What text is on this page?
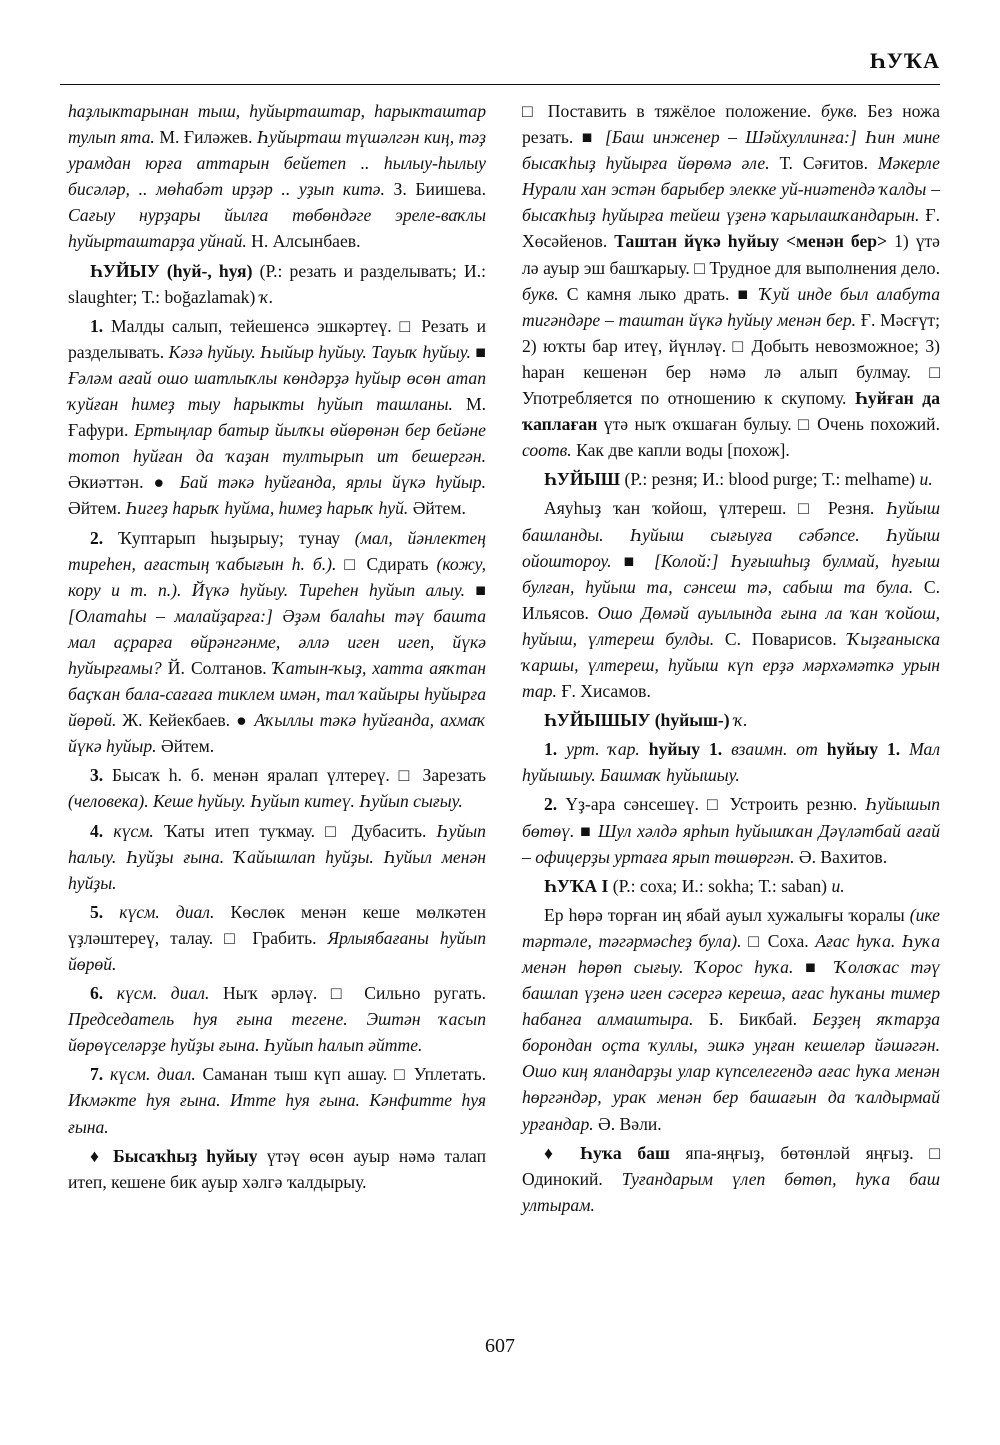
ҺУҠА

һаҙлыктарынан тыш, һуйырташтар, һарыкташтар тулып ята. М. Ғиләжев. Һуйырташ түшәлгән киң, тәҙ урамдан юрға аттарын бейетеп .. һылыу-һылыу бисәләр, .. мөһабәт ирҙәр .. уҙып китә. З. Биишева. Сағыу нурҙары йылға төбөндәге эреле-ваҡлы һуйырташтарҙа уйнай. Н. Алсынбаев.

ҺУЙЫУ (һуй-, һуя) (Р.: резать и разделывать; И.: slaughter; Т.: boğazlamak) ҡ.

1. Малды салып, тейешенсә эшкәртеү. □ Резать и разделывать. Кәзә һуйыу. Һыйыр һуйыу. Тауыҡ һуйыу. ■ Ғәләм ағай ошо шатлыҡлы көндәрҙә һуйыр өсөн атап ҡуйған һимеҙ тыу һарыкты һуйып ташланы. М. Ғафури. Ертыңлар батыр йылҡы өйөрөнән бер бейәне тотоп һуйған да ҡаҙан тултырып ит бешергән. Әкиәттән. ● Бай тәкә һуйғанда, ярлы йүкә һуйыр. Әйтем. Һигеҙ һарыҡ һуйма, һимеҙ һарыҡ һуй. Әйтем.

2. Ҡуптарып һыҙырыу; тунау (мал, йәнлектең тиреһен, ағастың ҡабығын һ. б.). □ Сдирать (кожу, кору и т. п.). Йүкә һуйыу. Тиреһен һуйып алыу. ■ [Олатаһы – малайҙарға:] Әҙәм балаһы тәү башта мал аҫрарға өйрәнгәнме, әллә иген игеп, йүкә һуйырғамы? Й. Солтанов. Ҡатын-ҡыҙ, хатта аяҡтан баҫҡан бала-сағаға тиклем имән, тал ҡайыры һуйырға йөрөй. Ж. Кейекбаев. ● Аҡыллы тәкә һуйғанда, ахмаҡ йүкә һуйыр. Әйтем.

3. Бысаҡ һ. б. менән яралап үлтереү. □ Зарезать (человека). Кеше һуйыу. Һуйып китеү. Һуйып сығыу.

4. күсм. Ҡаты итеп туҡмау. □ Дубасить. Һуйып һалыу. Һуйҙы ғына. Ҡайышлап һуйҙы. Һуйыл менән һуйҙы.

5. күсм. диал. Көслөк менән кеше мөлкәтен үҙләштереү, талау. □ Грабить. Ярлыябағаны һуйып йөрөй.

6. күсм. диал. Ныҡ әрләү. □ Сильно ругать. Председатель һуя ғына тегене. Эштән ҡасып йөрөүселәрҙе һуйҙы ғына. Һуйып һалып әйтте.

7. күсм. диал. Саманан тыш күп ашау. □ Уплетать. Икмәкте һуя ғына. Итте һуя ғына. Кәнфитте һуя ғына.

♦ Бысаҡһыҙ һуйыу үтәү өсөн ауыр нәмә талап итеп, кешене бик ауыр хәлгә ҡалдырыу.

□ Поставить в тяжёлое положение. букв. Без ножа резать. ■ [Баш инженер – Шәйхуллинға:] Һин мине бысаҡһыҙ һуйырға йөрөмә әле. Т. Сәғитов. Мәкерле Нурали хан эстән барыбер элекке уй-ниәтендә ҡалды – бысаҡһыҙ һуйырға тейеш үҙенә ҡарылашҡандарын. Ғ. Хөсәйенов. Таштан йүкә һуйыу <менән бер> 1) үтә лә ауыр эш башҡарыу. □ Трудное для выполнения дело. букв. С камня лыко драть. ■ Ҡуй инде был алабута тигәндәре – таштан йүкә һуйыу менән бер. Ғ. Мәсғүт; 2) юҡты бар итеү, йүнләү. □ Добыть невозможное; 3) һаран кешенән бер нәмә лә алып булмау. □ Употребляется по отношению к скупому. Һуйған да ҡаплаған үтә ныҡ оҡшаған булыу. □ Очень похожий. соотв. Как две капли воды [похож].

ҺУЙЫШ (Р.: резня; И.: blood purge; Т.: melhame) и.

Аяуһыҙ ҡан ҡойош, үлтереш. □ Резня. Һуйыш башланды. Һуйыш сығыуға сәбәпсе. Һуйыш ойоштороу. ■ [Колой:] Һуғышһыҙ булмай, һуғыш булған, һуйыш та, сәнсеш тә, сабыш та була. С. Ильясов. Ошо Дөмәй ауылында ғына ла ҡан ҡойош, һуйыш, үлтереш булды. С. Поварисов. Ҡыҙғаныска ҡаршы, үлтереш, һуйыш күп ерҙә мәрхәмәткә урын тар. Ғ. Хисамов.

ҺУЙЫШЫУ (һуйыш-) ҡ.

1. урт. ҡар. һуйыу 1. взаимн. от һуйыу 1. Мал һуйышыу. Башмаҡ һуйышыу.

2. Үҙ-ара сәнсешеү. □ Устроить резню. Һуйышып бөтөү. ■ Шул хәлдә ярһып һуйышҡан Дәүләтбай ағай – офицерҙы уртаға ярып төшөргән. Ә. Вахитов.

ҺУҠА I (Р.: соха; И.: sokha; Т.: saban) и.

Ер һөрә торған иң ябай ауыл хужалығы ҡоралы (ике тәртәле, тәгәрмәсһеҙ була). □ Соха. Ағас һуҡа. Һуҡа менән һөрөп сығыу. Ҡорос һуҡа. ■ Ҡолоҡас тәү башлап үҙенә иген сәсергә керешә, ағас һуҡаны тимер һабанға алмаштыра. Б. Бикбай. Беҙҙең яҡтарҙа борондан оҫта ҡуллы, эшкә уңған кешеләр йәшәгән. Ошо киң яландарҙы улар күпселегендә ағас һуҡа менән һөргәндәр, урак менән бер башағын да ҡалдырмай урғандар. Ә. Вәли.

♦ Һуҡа баш япа-яңғыҙ, бөтөнләй яңғыҙ. □ Одинокий. Туғандарым үлеп бөтөп, һуҡа баш ултырам.

607
